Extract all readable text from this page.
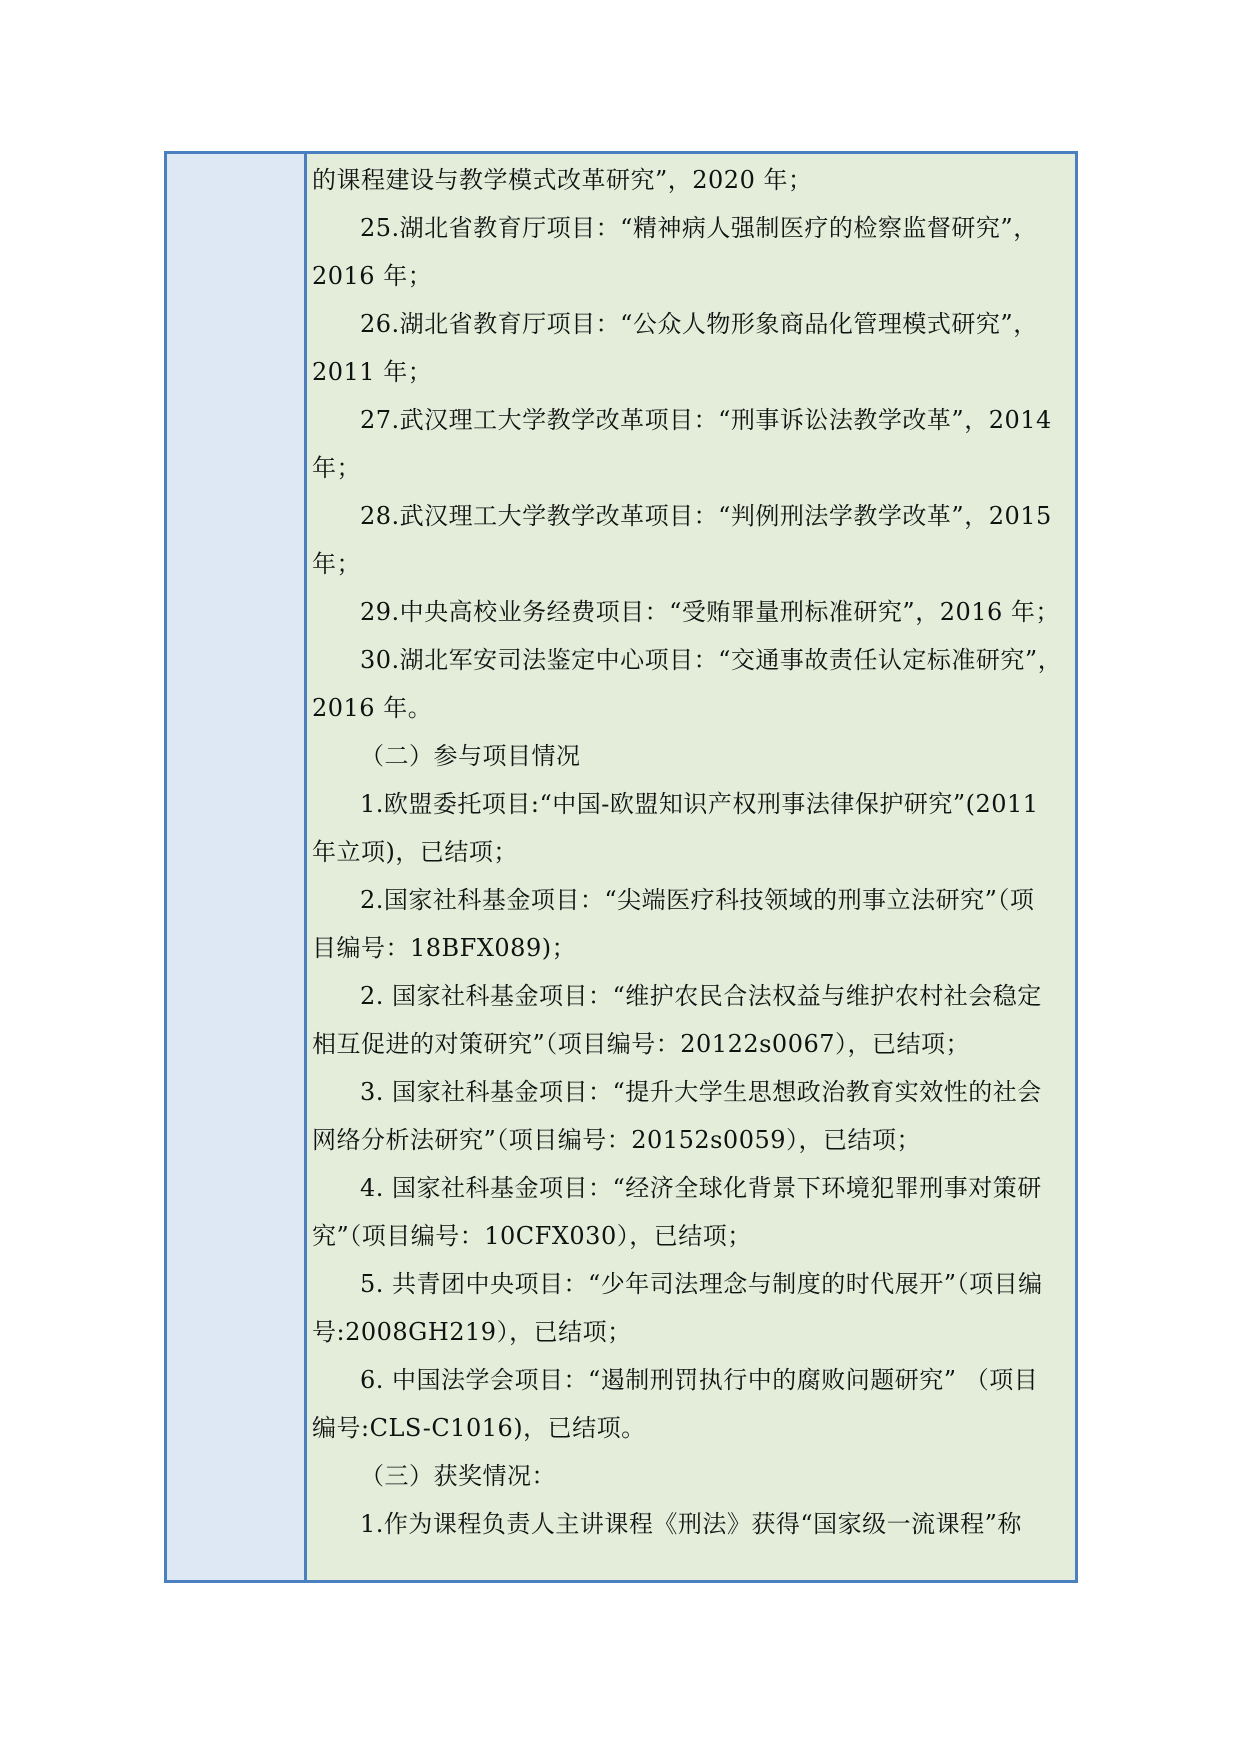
的课程建设与教学模式改革研究”，2020 年；
25.湖北省教育厅项目：“精神病人强制医疗的检察监督研究”，
2016 年；
26.湖北省教育厅项目：“公众人物形象商品化管理模式研究”，
2011 年；
27.武汉理工大学教学改革项目：“刑事诉讼法教学改革”，2014
年；
28.武汉理工大学教学改革项目：“判例刑法学教学改革”，2015
年；
29.中央高校业务经费项目：“受贿罪量刑标准研究”，2016 年；
30.湖北军安司法鉴定中心项目：“交通事故责任认定标准研究”，
2016 年。
（二）参与项目情况
1.欧盟委托项目:“中国-欧盟知识产权刑事法律保护研究”(2011
年立项)，已结项；
2.国家社科基金项目：“尖端医疗科技领域的刑事立法研究”（项
目编号：18BFX089)；
2. 国家社科基金项目：“维护农民合法权益与维护农村社会稳定
相互促进的对策研究”（项目编号：20122s0067），已结项；
3. 国家社科基金项目：“提升大学生思想政治教育实效性的社会
网络分析法研究”（项目编号：20152s0059），已结项；
4. 国家社科基金项目：“经济全球化背景下环境犯罪刑事对策研
究”（项目编号：10CFX030），已结项；
5. 共青团中央项目：“少年司法理念与制度的时代展开”（项目编
号:2008GH219），已结项；
6. 中国法学会项目：“遏制刑罚执行中的腐败问题研究” （项目
编号:CLS-C1016)，已结项。
（三）获奖情况：
1.作为课程负责人主讲课程《刑法》获得“国家级一流课程”称
